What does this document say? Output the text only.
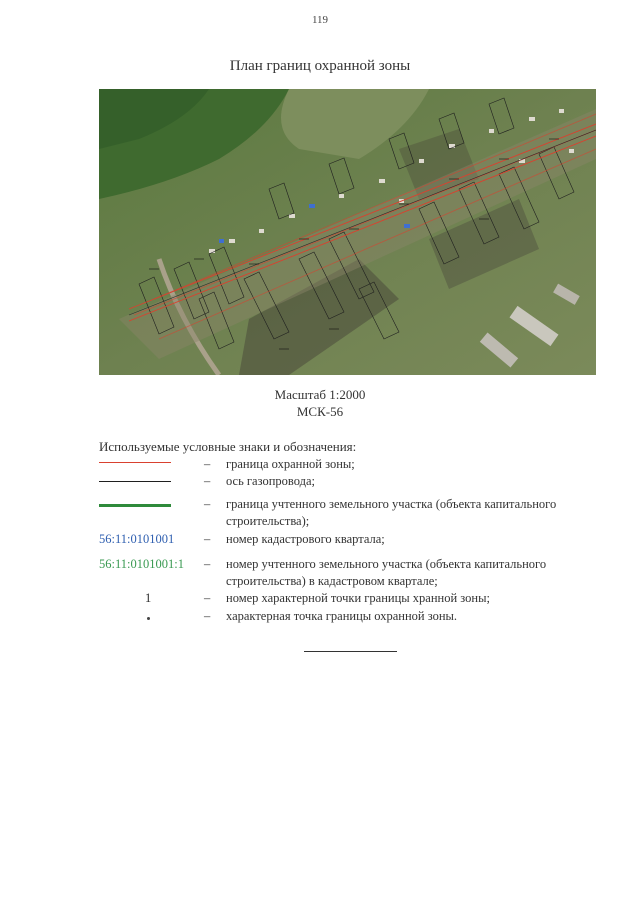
119
План границ охранной зоны
Масштаб 1:2000
МСК-56
Используемые условные знаки и обозначения:
– граница охранной зоны;
– ось газопровода;
– граница учтенного земельного участка (объекта капитального строительства);
56:11:0101001	– номер кадастрового квартала;
56:11:0101001:1	– номер учтенного земельного участка (объекта капитального строительства) в кадастровом квартале;
1	– номер характерной точки границы хранной зоны;
– характерная точка границы охранной зоны.
